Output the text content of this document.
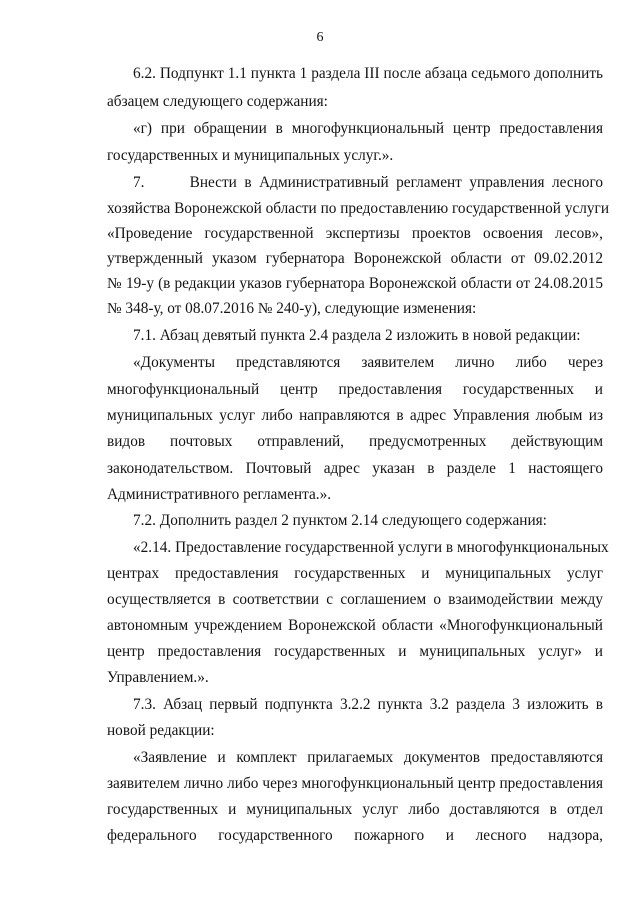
6
6.2. Подпункт 1.1 пункта 1 раздела III после абзаца седьмого дополнить
абзацем следующего содержания:
«г) при обращении в многофункциональный центр предоставления
государственных и муниципальных услуг.».
7.      Внести в Административный регламент управления лесного
хозяйства Воронежской области по предоставлению государственной услуги
«Проведение государственной экспертизы проектов освоения лесов»,
утвержденный указом губернатора Воронежской области от 09.02.2012
№ 19-у (в редакции указов губернатора Воронежской области от 24.08.2015
№ 348-у, от 08.07.2016 № 240-у), следующие изменения:
7.1. Абзац девятый пункта 2.4 раздела 2 изложить в новой редакции:
«Документы представляются заявителем лично либо через
многофункциональный центр предоставления государственных и
муниципальных услуг либо направляются в адрес Управления любым из
видов почтовых отправлений, предусмотренных действующим
законодательством. Почтовый адрес указан в разделе 1 настоящего
Административного регламента.».
7.2. Дополнить раздел 2 пунктом 2.14 следующего содержания:
«2.14. Предоставление государственной услуги в многофункциональных
центрах предоставления государственных и муниципальных услуг
осуществляется в соответствии с соглашением о взаимодействии между
автономным учреждением Воронежской области «Многофункциональный
центр предоставления государственных и муниципальных услуг» и
Управлением.».
7.3. Абзац первый подпункта 3.2.2 пункта 3.2 раздела 3 изложить в
новой редакции:
«Заявление и комплект прилагаемых документов предоставляются
заявителем лично либо через многофункциональный центр предоставления
государственных и муниципальных услуг либо доставляются в отдел
федерального государственного пожарного и лесного надзора,
